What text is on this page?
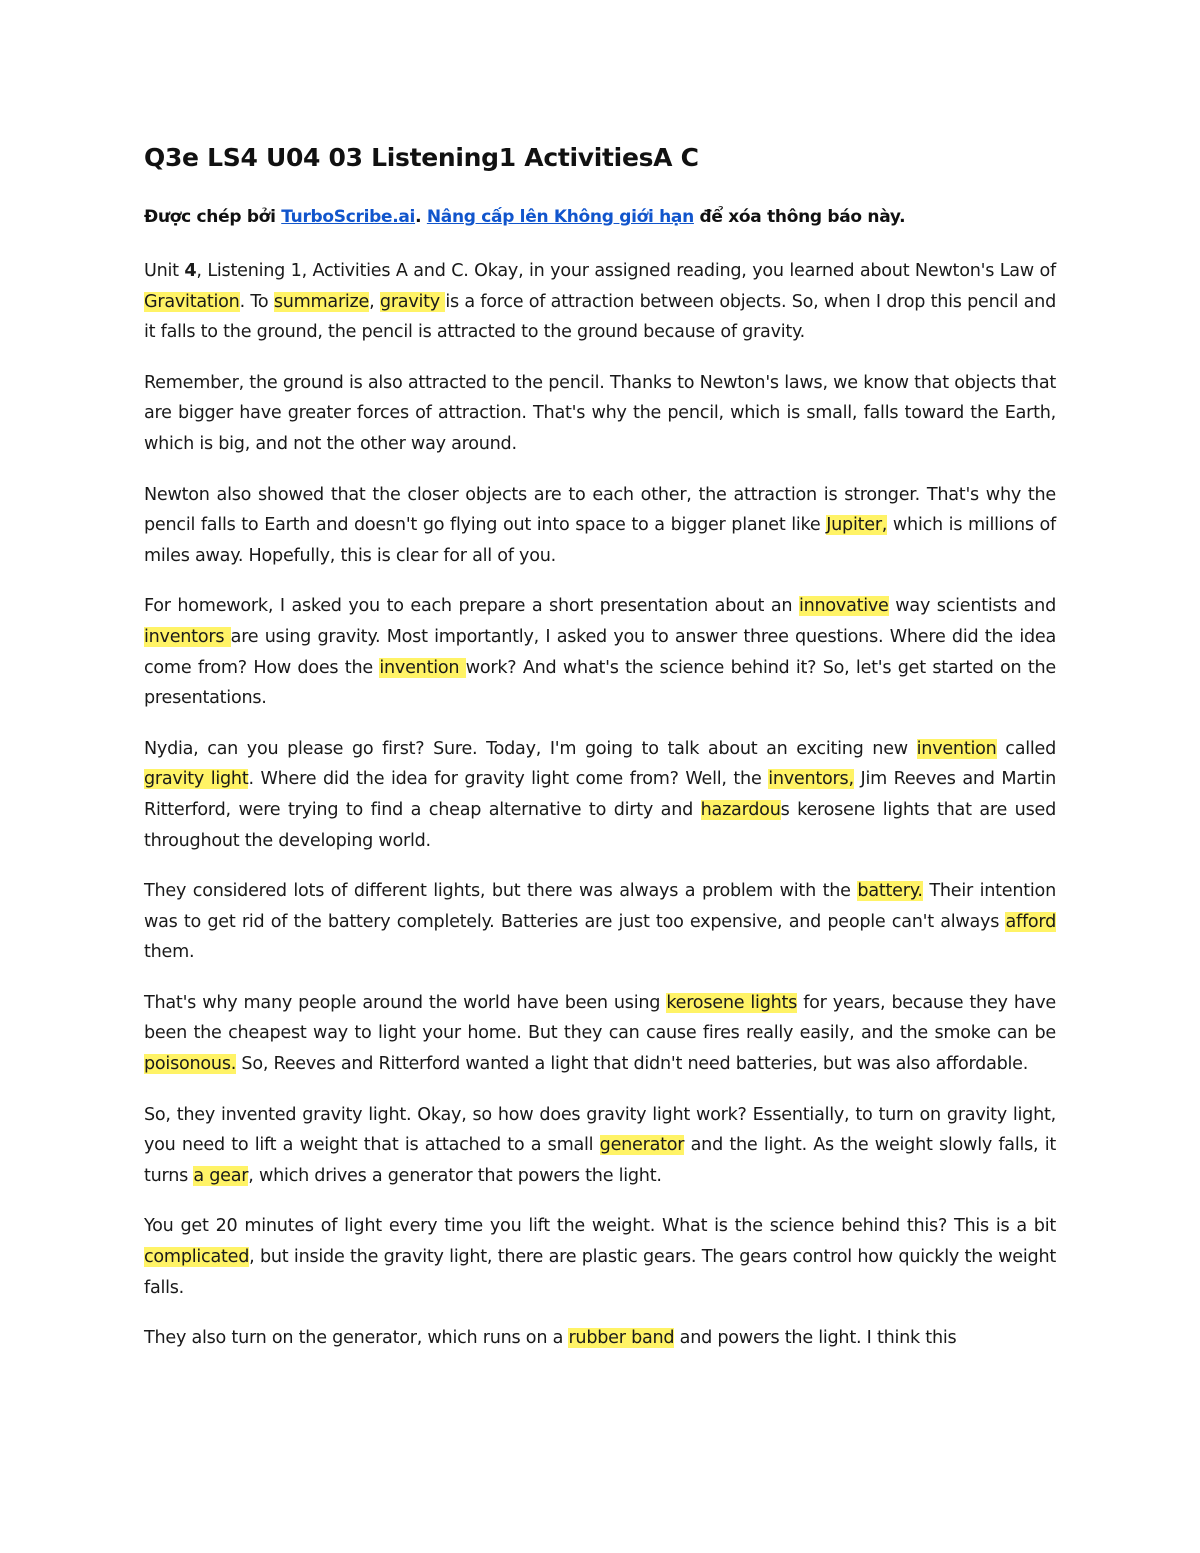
Q3e LS4 U04 03 Listening1 ActivitiesA C
Được chép bởi TurboScribe.ai. Nâng cấp lên Không giới hạn để xóa thông báo này.

Unit 4, Listening 1, Activities A and C. Okay, in your assigned reading, you learned about Newton's Law of Gravitation. To summarize, gravity is a force of attraction between objects. So, when I drop this pencil and it falls to the ground, the pencil is attracted to the ground because of gravity.

Remember, the ground is also attracted to the pencil. Thanks to Newton's laws, we know that objects that are bigger have greater forces of attraction. That's why the pencil, which is small, falls toward the Earth, which is big, and not the other way around.

Newton also showed that the closer objects are to each other, the attraction is stronger. That's why the pencil falls to Earth and doesn't go flying out into space to a bigger planet like Jupiter, which is millions of miles away. Hopefully, this is clear for all of you.

For homework, I asked you to each prepare a short presentation about an innovative way scientists and inventors are using gravity. Most importantly, I asked you to answer three questions. Where did the idea come from? How does the invention work? And what's the science behind it? So, let's get started on the presentations.

Nydia, can you please go first? Sure. Today, I'm going to talk about an exciting new invention called gravity light. Where did the idea for gravity light come from? Well, the inventors, Jim Reeves and Martin Ritterford, were trying to find a cheap alternative to dirty and hazardous kerosene lights that are used throughout the developing world.

They considered lots of different lights, but there was always a problem with the battery. Their intention was to get rid of the battery completely. Batteries are just too expensive, and people can't always afford them.

That's why many people around the world have been using kerosene lights for years, because they have been the cheapest way to light your home. But they can cause fires really easily, and the smoke can be poisonous. So, Reeves and Ritterford wanted a light that didn't need batteries, but was also affordable.

So, they invented gravity light. Okay, so how does gravity light work? Essentially, to turn on gravity light, you need to lift a weight that is attached to a small generator and the light. As the weight slowly falls, it turns a gear, which drives a generator that powers the light.

You get 20 minutes of light every time you lift the weight. What is the science behind this? This is a bit complicated, but inside the gravity light, there are plastic gears. The gears control how quickly the weight falls.

They also turn on the generator, which runs on a rubber band and powers the light. I think this
